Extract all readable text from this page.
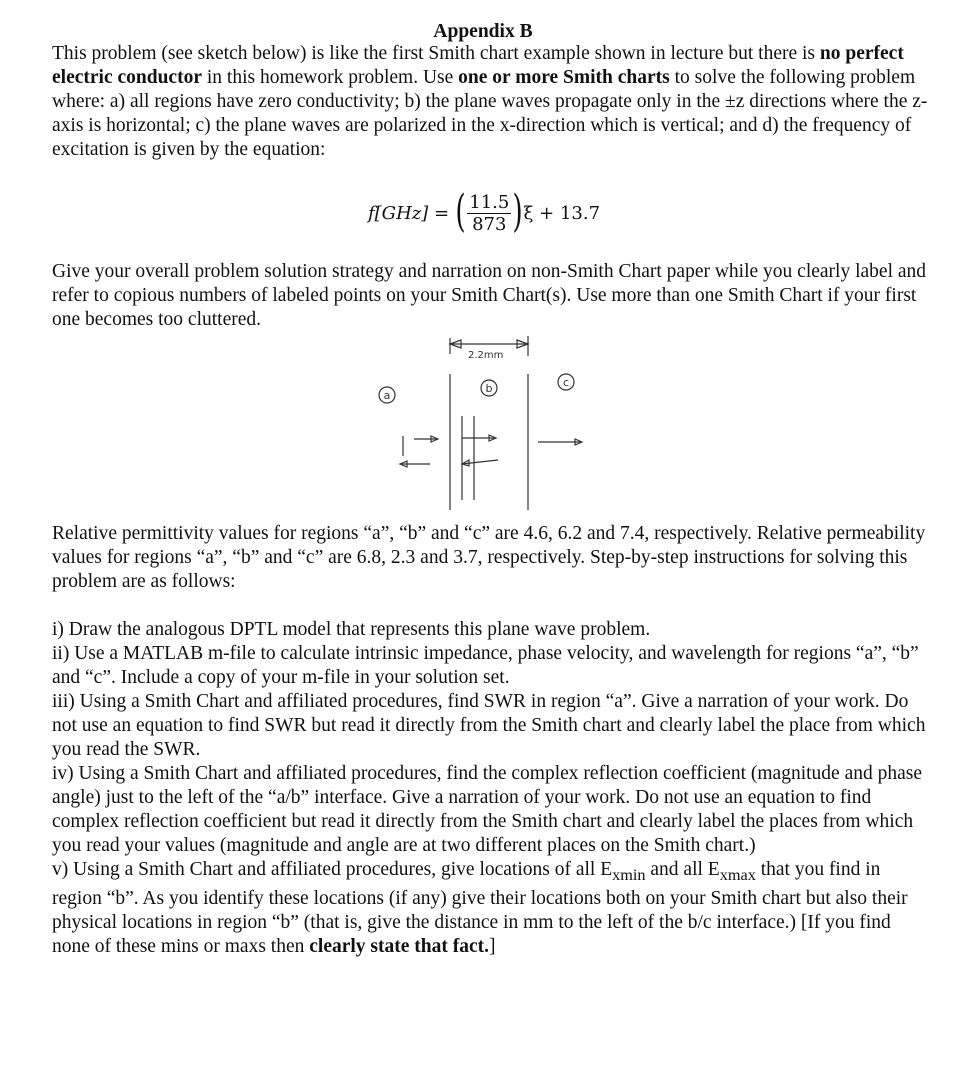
Appendix B

This problem (see sketch below) is like the first Smith chart example shown in lecture but there is no perfect electric conductor in this homework problem. Use one or more Smith charts to solve the following problem where: a) all regions have zero conductivity; b) the plane waves propagate only in the ±z directions where the z-axis is horizontal; c) the plane waves are polarized in the x-direction which is vertical; and d) the frequency of excitation is given by the equation:

f[GHz] = ( $\frac{11.5}{873}$ ) ξ + 13.7

Give your overall problem solution strategy and narration on non-Smith Chart paper while you clearly label and refer to copious numbers of labeled points on your Smith Chart(s). Use more than one Smith Chart if your first one becomes too cluttered.

2.2mm
a
b	c

Relative permittivity values for regions “a”, “b” and “c” are 4.6, 6.2 and 7.4, respectively. Relative permeability values for regions “a”, “b” and “c” are 6.8, 2.3 and 3.7, respectively. Step-by-step instructions for solving this problem are as follows:

i) Draw the analogous DPTL model that represents this plane wave problem.

ii) Use a MATLAB m-file to calculate intrinsic impedance, phase velocity, and wavelength for regions “a”, “b” and “c”. Include a copy of your m-file in your solution set.

iii) Using a Smith Chart and affiliated procedures, find SWR in region “a”. Give a narration of your work. Do not use an equation to find SWR but read it directly from the Smith chart and clearly label the place from which you read the SWR.

iv) Using a Smith Chart and affiliated procedures, find the complex reflection coefficient (magnitude and phase angle) just to the left of the “a/b” interface. Give a narration of your work. Do not use an equation to find complex reflection coefficient but read it directly from the Smith chart and clearly label the places from which you read your values (magnitude and angle are at two different places on the Smith chart.)

v) Using a Smith Chart and affiliated procedures, give locations of all $E_{xmin}$ and all $E_{xmax}$ that you find in region “b”. As you identify these locations (if any) give their locations both on your Smith chart but also their physical locations in region “b” (that is, give the distance in mm to the left of the b/c interface.) [If you find none of these mins or maxs then clearly state that fact.]
